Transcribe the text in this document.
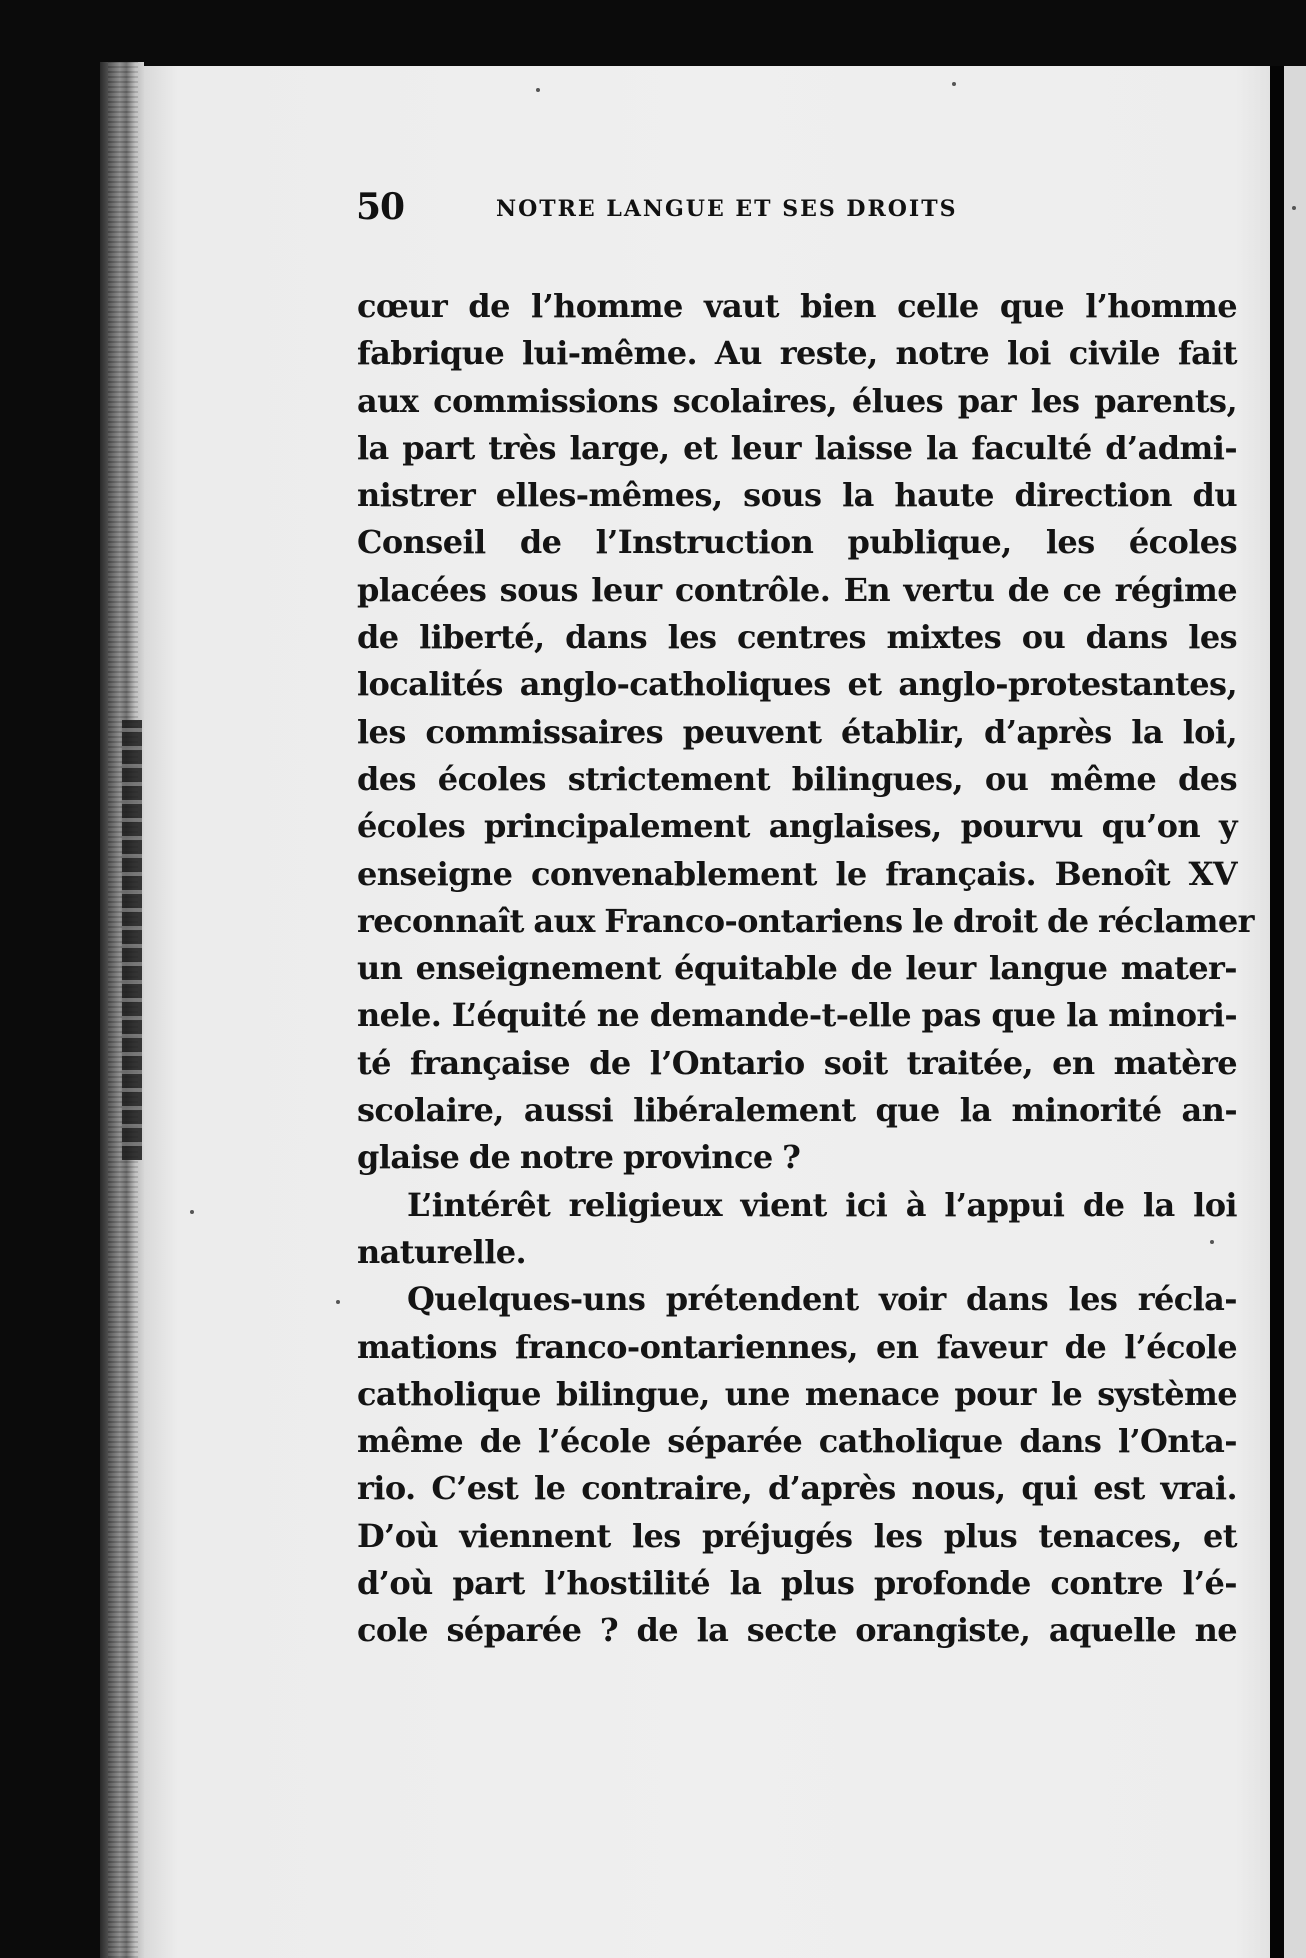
50	NOTRE LANGUE ET SES DROITS
cœur de l’homme vaut bien celle que l’homme
fabrique lui-même. Au reste, notre loi civile fait
aux commissions scolaires, élues par les parents,
la part très large, et leur laisse la faculté d’admi-
nistrer elles-mêmes, sous la haute direction du
Conseil de l’Instruction publique, les écoles
placées sous leur contrôle. En vertu de ce régime
de liberté, dans les centres mixtes ou dans les
localités anglo-catholiques et anglo-protestantes,
les commissaires peuvent établir, d’après la loi,
des écoles strictement bilingues, ou même des
écoles principalement anglaises, pourvu qu’on y
enseigne convenablement le français. Benoît XV
reconnaît aux Franco-ontariens le droit de réclamer
un enseignement équitable de leur langue mater-
nele. L’équité ne demande-t-elle pas que la minori-
té française de l’Ontario soit traitée, en matère
scolaire, aussi libéralement que la minorité an-
glaise de notre province ?
L’intérêt religieux vient ici à l’appui de la loi
naturelle.
Quelques-uns prétendent voir dans les récla-
mations franco-ontariennes, en faveur de l’école
catholique bilingue, une menace pour le système
même de l’école séparée catholique dans l’Onta-
rio. C’est le contraire, d’après nous, qui est vrai.
D’où viennent les préjugés les plus tenaces, et
d’où part l’hostilité la plus profonde contre l’é-
cole séparée ? de la secte orangiste, aquelle ne
